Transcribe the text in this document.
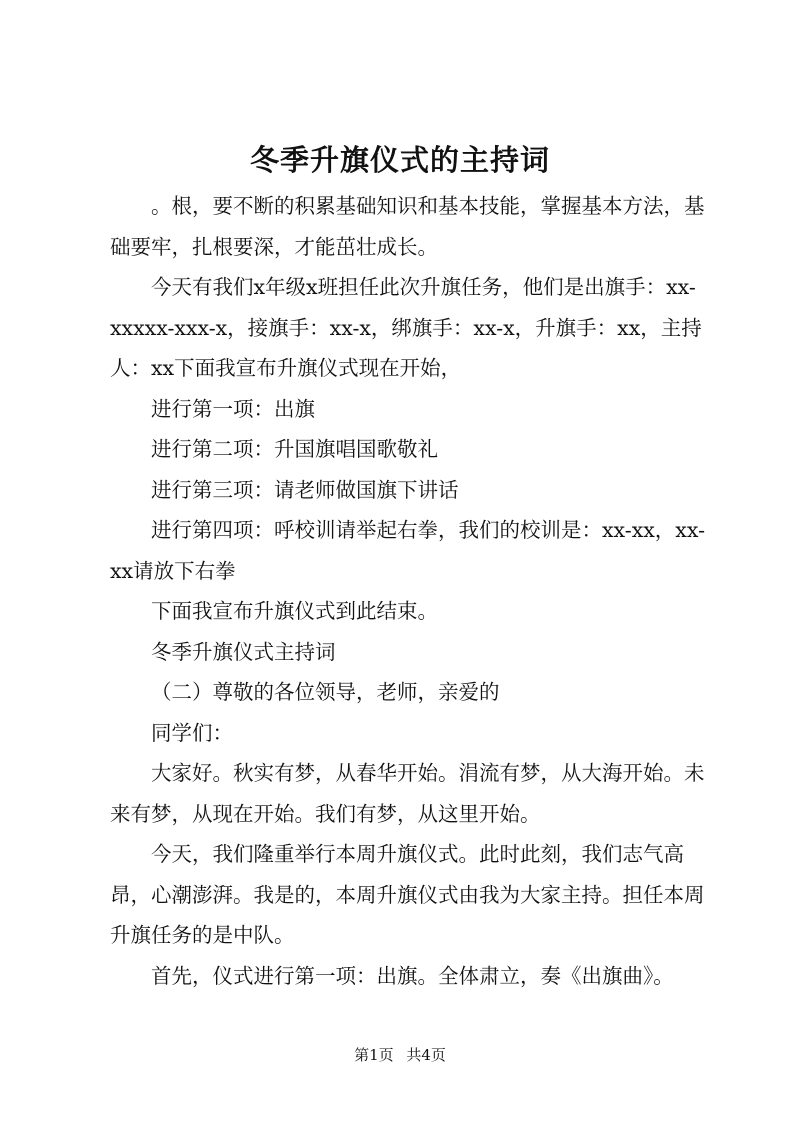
冬季升旗仪式的主持词

。根，要不断的积累基础知识和基本技能，掌握基本方法，基础要牢，扎根要深，才能茁壮成长。

今天有我们x年级x班担任此次升旗任务，他们是出旗手：xx-xxxxx-xxx-x，接旗手：xx-x，绑旗手：xx-x，升旗手：xx，主持人：xx下面我宣布升旗仪式现在开始，

进行第一项：出旗

进行第二项：升国旗唱国歌敬礼

进行第三项：请老师做国旗下讲话

进行第四项：呼校训请举起右拳，我们的校训是：xx-xx，xx-xx请放下右拳

下面我宣布升旗仪式到此结束。

冬季升旗仪式主持词

（二）尊敬的各位领导，老师，亲爱的

同学们：

大家好。秋实有梦，从春华开始。涓流有梦，从大海开始。未来有梦，从现在开始。我们有梦，从这里开始。

今天，我们隆重举行本周升旗仪式。此时此刻，我们志气高昂，心潮澎湃。我是的，本周升旗仪式由我为大家主持。担任本周升旗任务的是中队。

首先，仪式进行第一项：出旗。全体肃立，奏《出旗曲》。

第1页 共4页
